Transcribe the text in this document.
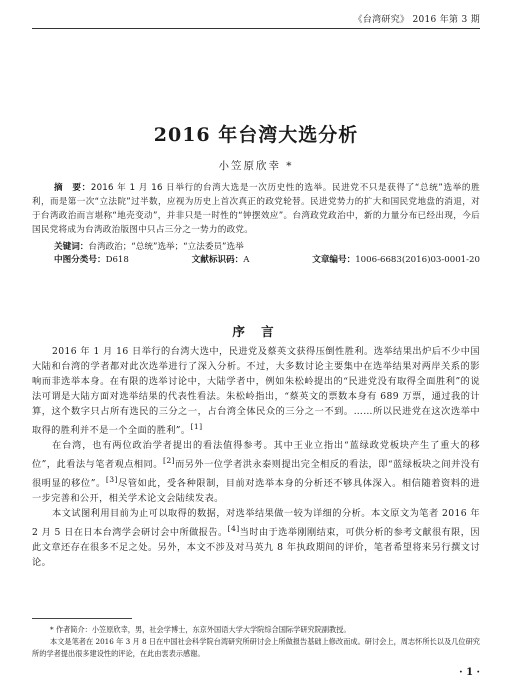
《台湾研究》 2016 年第 3 期
2016 年台湾大选分析
小笠原欣幸 *

摘　要：2016 年 1 月 16 日举行的台湾大选是一次历史性的选举。民进党不只是获得了“总统”选举的胜利，而是第一次“立法院”过半数，应视为历史上首次真正的政党轮替。民进党势力的扩大和国民党地盘的消退，对于台湾政治而言堪称“地壳变动”，并非只是一时性的“钟摆效应”。台湾政党政治中，新的力量分布已经出现，今后国民党将成为台湾政治版图中只占三分之一势力的政党。

关键词：台湾政治；“总统”选举；“立法委员”选举
中图分类号：D618	文献标识码：A	文章编号：1006-6683(2016)03-0001-20
序 言

2016 年 1 月 16 日举行的台湾大选中，民进党及蔡英文获得压倒性胜利。选举结果出炉后不少中国大陆和台湾的学者都对此次选举进行了深入分析。不过，大多数讨论主要集中在选举结果对两岸关系的影响而非选举本身。在有限的选举讨论中，大陆学者中，例如朱松岭提出的“民进党没有取得全面胜利”的说法可谓是大陆方面对选举结果的代表性看法。朱松岭指出，“蔡英文的票数本身有 689 万票，通过我的计算，这个数字只占所有选民的三分之一，占台湾全体民众的三分之一不到。……所以民进党在这次选举中取得的胜利并不是一个全面的胜利”。[1]

在台湾，也有两位政治学者提出的看法值得参考。其中王业立指出“蓝绿政党板块产生了重大的移位”，此看法与笔者观点相同。[2]而另外一位学者洪永泰则提出完全相反的看法，即“蓝绿板块之间并没有很明显的移位”。[3]尽管如此，受各种限制，目前对选举本身的分析还不够具体深入。相信随着资料的进一步完善和公开，相关学术论文会陆续发表。

本文试图利用目前为止可以取得的数据，对选举结果做一较为详细的分析。本文原文为笔者 2016 年 2 月 5 日在日本台湾学会研讨会中所做报告。[4]当时由于选举刚刚结束，可供分析的参考文献很有限，因此文章还存在很多不足之处。另外，本文不涉及对马英九 8 年执政期间的评价，笔者希望将来另行撰文讨论。

* 作者简介：小笠原欣幸，男，社会学博士，东京外国语大学大学院综合国际学研究院副教授。

本文是笔者在 2016 年 3 月 8 日在中国社会科学院台湾研究所研讨会上所做报告基础上修改而成。研讨会上，周志怀所长以及几位研究所的学者提出很多建设性的评论，在此由衷表示感谢。

· 1 ·
